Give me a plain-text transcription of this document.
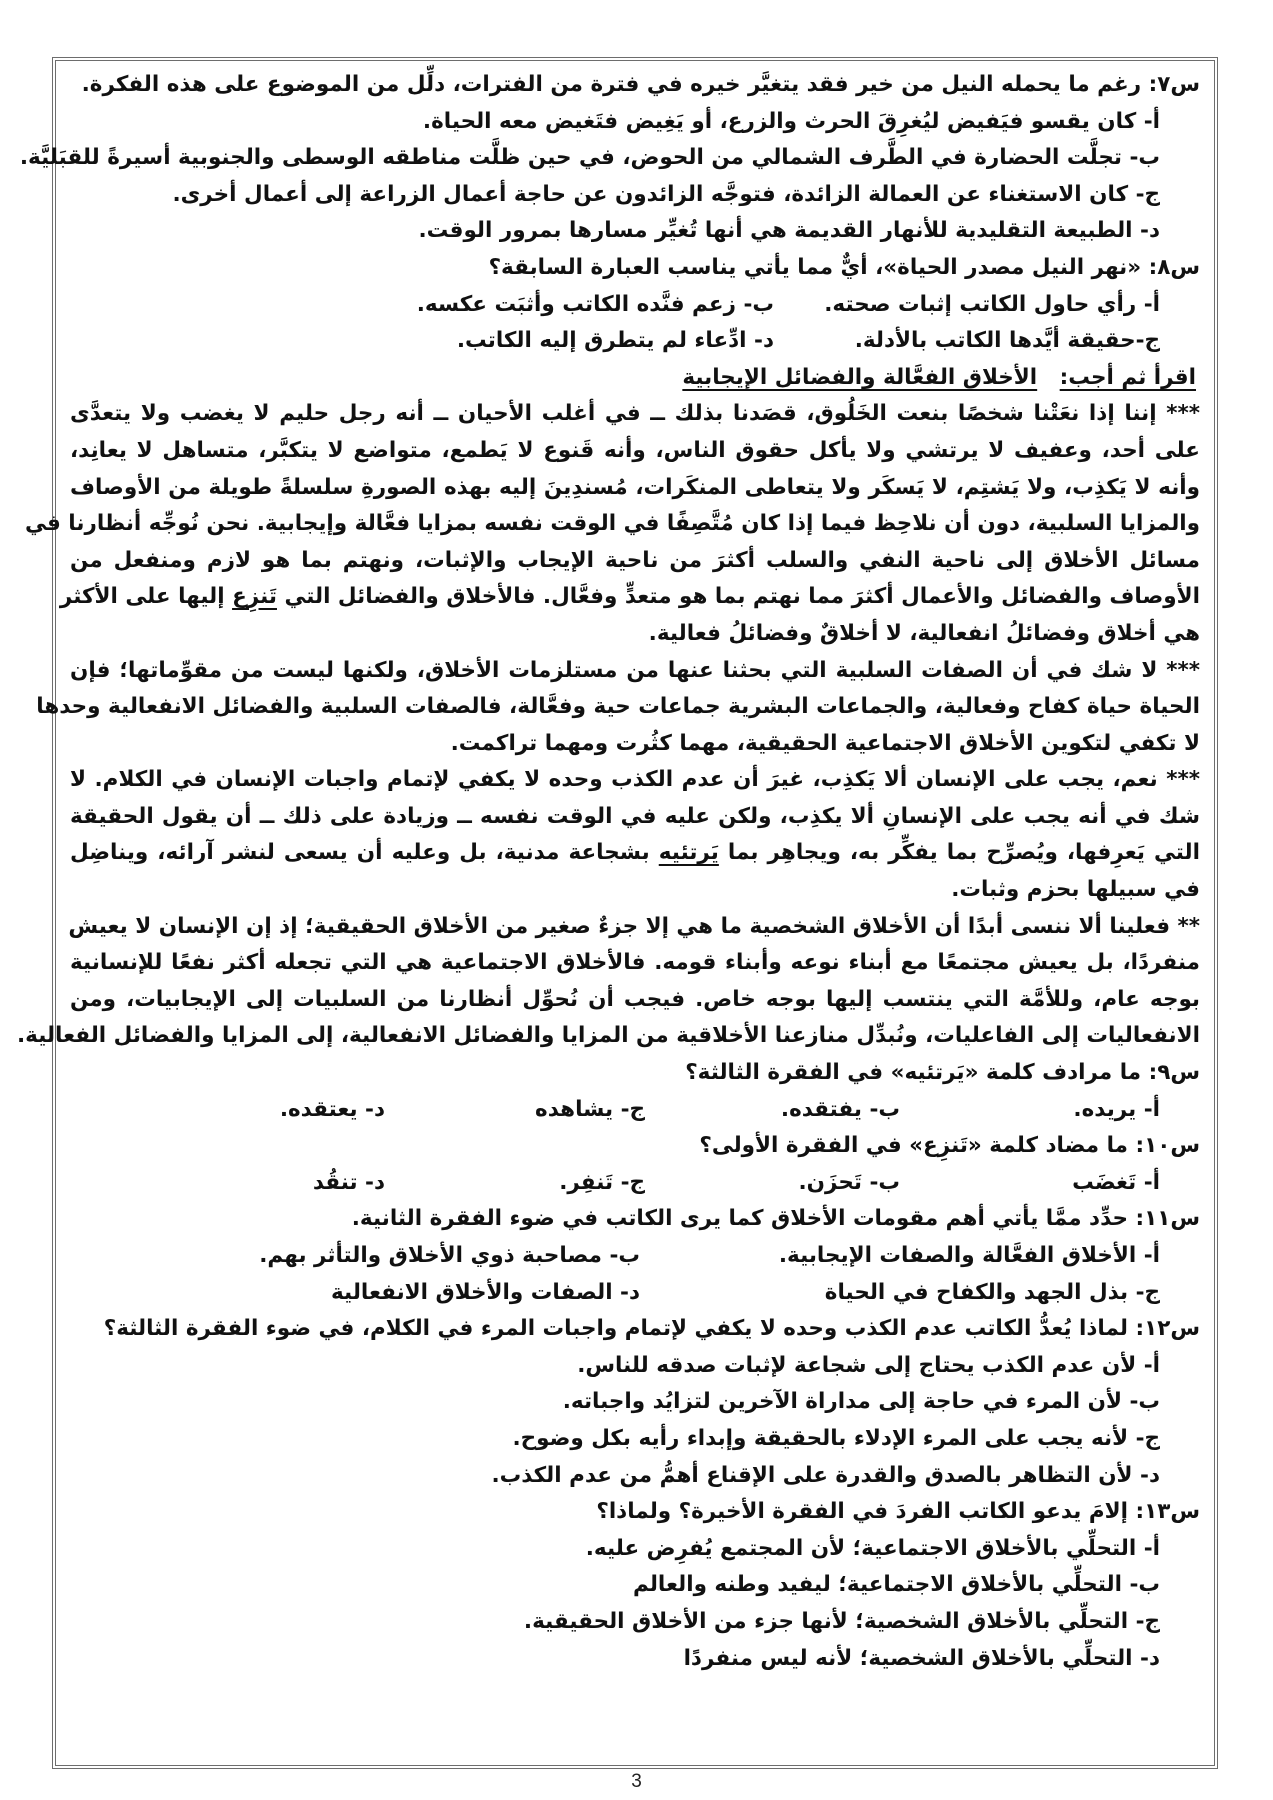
س٧: رغم ما يحمله النيل من خير فقد يتغيَّر خيره في فترة من الفترات، دلِّل من الموضوع على هذه الفكرة.
أ- كان يقسو فيَفيض ليُغرِقَ الحرث والزرع، أو يَغِيض فتَغيض معه الحياة.
ب- تجلَّت الحضارة في الطَّرف الشمالي من الحوض، في حين ظلَّت مناطقه الوسطى والجنوبية أسيرةً للقبَليَّة.
ج- كان الاستغناء عن العمالة الزائدة، فتوجَّه الزائدون عن حاجة أعمال الزراعة إلى أعمال أخرى.
د- الطبيعة التقليدية للأنهار القديمة هي أنها تُغيِّر مسارها بمرور الوقت.
س٨: «نهر النيل مصدر الحياة»، أيٌّ مما يأتي يناسب العبارة السابقة؟
أ- رأي حاول الكاتب إثبات صحته.
ب- زعم فنَّده الكاتب وأثبَت عكسه.
ج-حقيقة أيَّدها الكاتب بالأدلة.
د- ادِّعاء لم يتطرق إليه الكاتب.
اقرأ ثم أجب:   الأخلاق الفعَّالة والفضائل الإيجابية
*** إننا إذا نعَتْنا شخصًا بنعت الخَلُوق، قصَدنا بذلك ــ في أغلب الأحيان ــ أنه رجل حليم لا يغضب ولا يتعدَّى
على أحد، وعفيف لا يرتشي ولا يأكل حقوق الناس، وأنه قَنوع لا يَطمع، متواضع لا يتكبَّر، متساهل لا يعانِد،
وأنه لا يَكذِب، ولا يَشتِم، لا يَسكَر ولا يتعاطى المنكَرات، مُسندِينَ إليه بهذه الصورةِ سلسلةً طويلة من الأوصاف
والمزايا السلبية، دون أن نلاحِظ فيما إذا كان مُتَّصِفًا في الوقت نفسه بمزايا فعَّالة وإيجابية. نحن نُوجِّه أنظارنا في
مسائل الأخلاق إلى ناحية النفي والسلب أكثرَ من ناحية الإيجاب والإثبات، ونهتم بما هو لازم ومنفعل من
الأوصاف والفضائل والأعمال أكثرَ مما نهتم بما هو متعدٍّ وفعَّال. فالأخلاق والفضائل التي تَنزِع إليها على الأكثر
هي أخلاق وفضائلُ انفعالية، لا أخلاقٌ وفضائلُ فعالية.
*** لا شك في أن الصفات السلبية التي بحثنا عنها من مستلزمات الأخلاق، ولكنها ليست من مقوِّماتها؛ فإن
الحياة حياة كفاح وفعالية، والجماعات البشرية جماعات حية وفعَّالة، فالصفات السلبية والفضائل الانفعالية وحدها
لا تكفي لتكوين الأخلاق الاجتماعية الحقيقية، مهما كثُرت ومهما تراكمت.
*** نعم، يجب على الإنسان ألا يَكذِب، غيرَ أن عدم الكذب وحده لا يكفي لإتمام واجبات الإنسان في الكلام. لا
شك في أنه يجب على الإنسانِ ألا يكذِب، ولكن عليه في الوقت نفسه ــ وزيادة على ذلك ــ أن يقول الحقيقة
التي يَعرِفها، ويُصرِّح بما يفكِّر به، ويجاهِر بما يَرتئيه بشجاعة مدنية، بل وعليه أن يسعى لنشر آرائه، ويناضِل
في سبيلها بحزم وثبات.
** فعلينا ألا ننسى أبدًا أن الأخلاق الشخصية ما هي إلا جزءٌ صغير من الأخلاق الحقيقية؛ إذ إن الإنسان لا يعيش
منفردًا، بل يعيش مجتمعًا مع أبناء نوعه وأبناء قومه. فالأخلاق الاجتماعية هي التي تجعله أكثر نفعًا للإنسانية
بوجه عام، وللأمَّة التي ينتسب إليها بوجه خاص. فيجب أن نُحوِّل أنظارنا من السلبيات إلى الإيجابيات، ومن
الانفعاليات إلى الفاعليات، ونُبدِّل منازعنا الأخلاقية من المزايا والفضائل الانفعالية، إلى المزايا والفضائل الفعالية.
س٩: ما مرادف كلمة «يَرتئيه» في الفقرة الثالثة؟
أ- يريده.
ب- يفتقده.
ج- يشاهده
د- يعتقده.
س١٠: ما مضاد كلمة «تَنزِع» في الفقرة الأولى؟
أ- تَغضَب
ب- تَحزَن.
ج- تَنفِر.
د- تنقُد
س١١: حدِّد ممَّا يأتي أهم مقومات الأخلاق كما يرى الكاتب في ضوء الفقرة الثانية.
أ- الأخلاق الفعَّالة والصفات الإيجابية.
ب- مصاحبة ذوي الأخلاق والتأثر بهم.
ج- بذل الجهد والكفاح في الحياة
د- الصفات والأخلاق الانفعالية
س١٢: لماذا يُعدُّ الكاتب عدم الكذب وحده لا يكفي لإتمام واجبات المرء في الكلام، في ضوء الفقرة الثالثة؟
أ- لأن عدم الكذب يحتاج إلى شجاعة لإثبات صدقه للناس.
ب- لأن المرء في حاجة إلى مداراة الآخرين لتزايُد واجباته.
ج- لأنه يجب على المرء الإدلاء بالحقيقة وإبداء رأيه بكل وضوح.
د- لأن التظاهر بالصدق والقدرة على الإقناع أهمُّ من عدم الكذب.
س١٣: إلامَ يدعو الكاتب الفردَ في الفقرة الأخيرة؟ ولماذا؟
أ- التحلِّي بالأخلاق الاجتماعية؛ لأن المجتمع يُفرِض عليه.
ب- التحلِّي بالأخلاق الاجتماعية؛ ليفيد وطنه والعالم
ج- التحلِّي بالأخلاق الشخصية؛ لأنها جزء من الأخلاق الحقيقية.
د- التحلِّي بالأخلاق الشخصية؛ لأنه ليس منفردًا
3
